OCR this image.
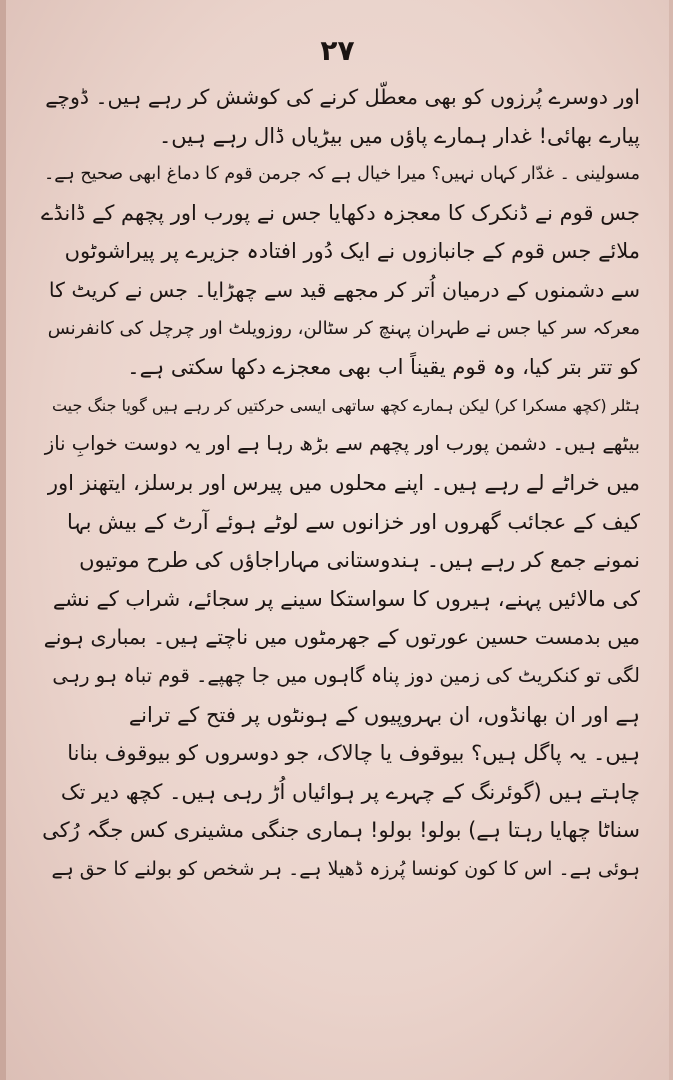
۲۷
اور دوسرے پُرزوں کو بھی معطّل کرنے کی کوشش کر رہے ہیں۔ ڈوچے
پیارے بھائی! غدار ہمارے پاؤں میں بیڑیاں ڈال رہے ہیں۔
مسولینی ۔ غدّار کہاں نہیں؟ میرا خیال ہے کہ جرمن قوم کا دماغ ابھی صحیح ہے۔
جس قوم نے ڈنکرک کا معجزہ دکھایا جس نے پورب اور پچھم کے ڈانڈے
ملائے جس قوم کے جانبازوں نے ایک دُور افتادہ جزیرے پر پیراشوٹوں
سے دشمنوں کے درمیان اُتر کر مجھے قید سے چھڑایا۔ جس نے کریٹ کا
معرکہ سر کیا جس نے طہران پہنچ کر سٹالن، روزویلٹ اور چرچل کی کانفرنس
کو تتر بتر کیا، وہ قوم یقیناً اب بھی معجزے دکھا سکتی ہے۔
ہٹلر (کچھ مسکرا کر) لیکن ہمارے کچھ ساتھی ایسی حرکتیں کر رہے ہیں گویا جنگ جیت
بیٹھے ہیں۔ دشمن پورب اور پچھم سے بڑھ رہا ہے اور یہ دوست خوابِ ناز
میں خراٹے لے رہے ہیں۔ اپنے محلوں میں پیرس اور برسلز، ایتھنز اور
کیف کے عجائب گھروں اور خزانوں سے لوٹے ہوئے آرٹ کے بیش بہا
نمونے جمع کر رہے ہیں۔ ہندوستانی مہاراجاؤں کی طرح موتیوں
کی مالائیں پہنے، ہیروں کا سواستکا سینے پر سجائے، شراب کے نشے
میں بدمست حسین عورتوں کے جھرمٹوں میں ناچتے ہیں۔ بمباری ہونے
لگی تو کنکریٹ کی زمین دوز پناہ گاہوں میں جا چھپے۔ قوم تباہ ہو رہی
ہے اور ان بھانڈوں، ان بہروپیوں کے ہونٹوں پر فتح کے ترانے
ہیں۔ یہ پاگل ہیں؟ بیوقوف یا چالاک، جو دوسروں کو بیوقوف بنانا
چاہتے ہیں (گوئرنگ کے چہرے پر ہوائیاں اُڑ رہی ہیں۔ کچھ دیر تک
سناٹا چھایا رہتا ہے) بولو! بولو! ہماری جنگی مشینری کس جگہ رُکی
ہوئی ہے۔ اس کا کون کونسا پُرزہ ڈھیلا ہے۔ ہر شخص کو بولنے کا حق ہے
